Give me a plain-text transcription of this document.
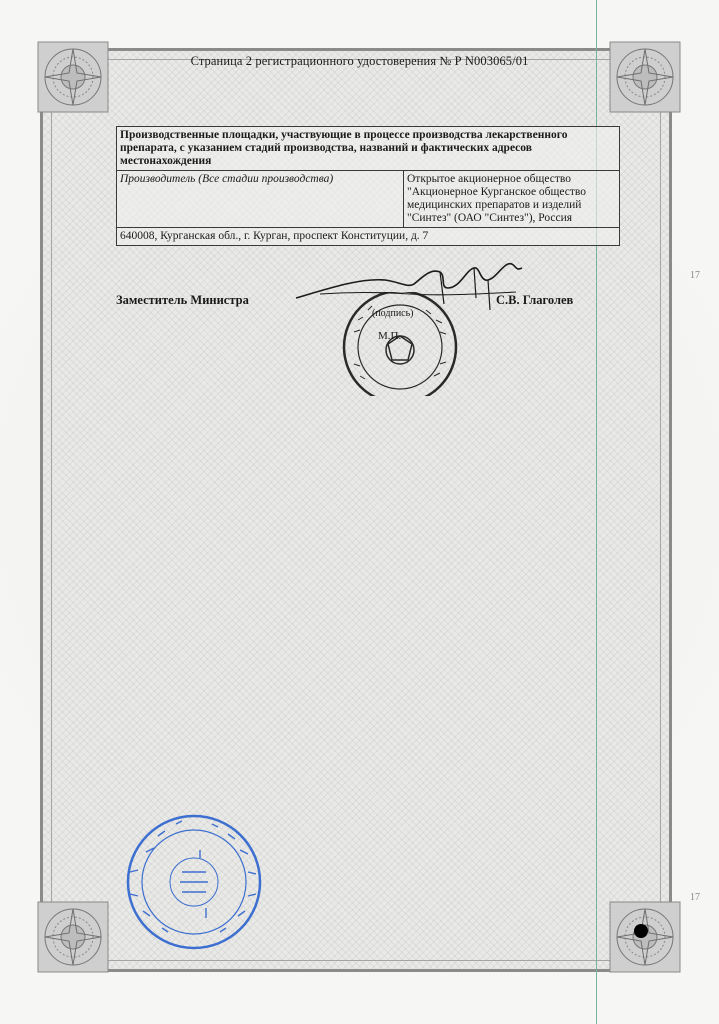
Страница 2 регистрационного удостоверения № Р N003065/01
Производственные площадки, участвующие в процессе производства лекарственного препарата, с указанием стадий производства, названий и фактических адресов местонахождения
Производитель (Все стадии производства)	Открытое акционерное общество "Акционерное Курганское общество медицинских препаратов и изделий "Синтез" (ОАО "Синтез"), Россия
640008, Курганская обл., г. Курган, проспект Конституции, д. 7
Заместитель Министра	С.В. Глаголев
(подпись)
М.П.
17
17
